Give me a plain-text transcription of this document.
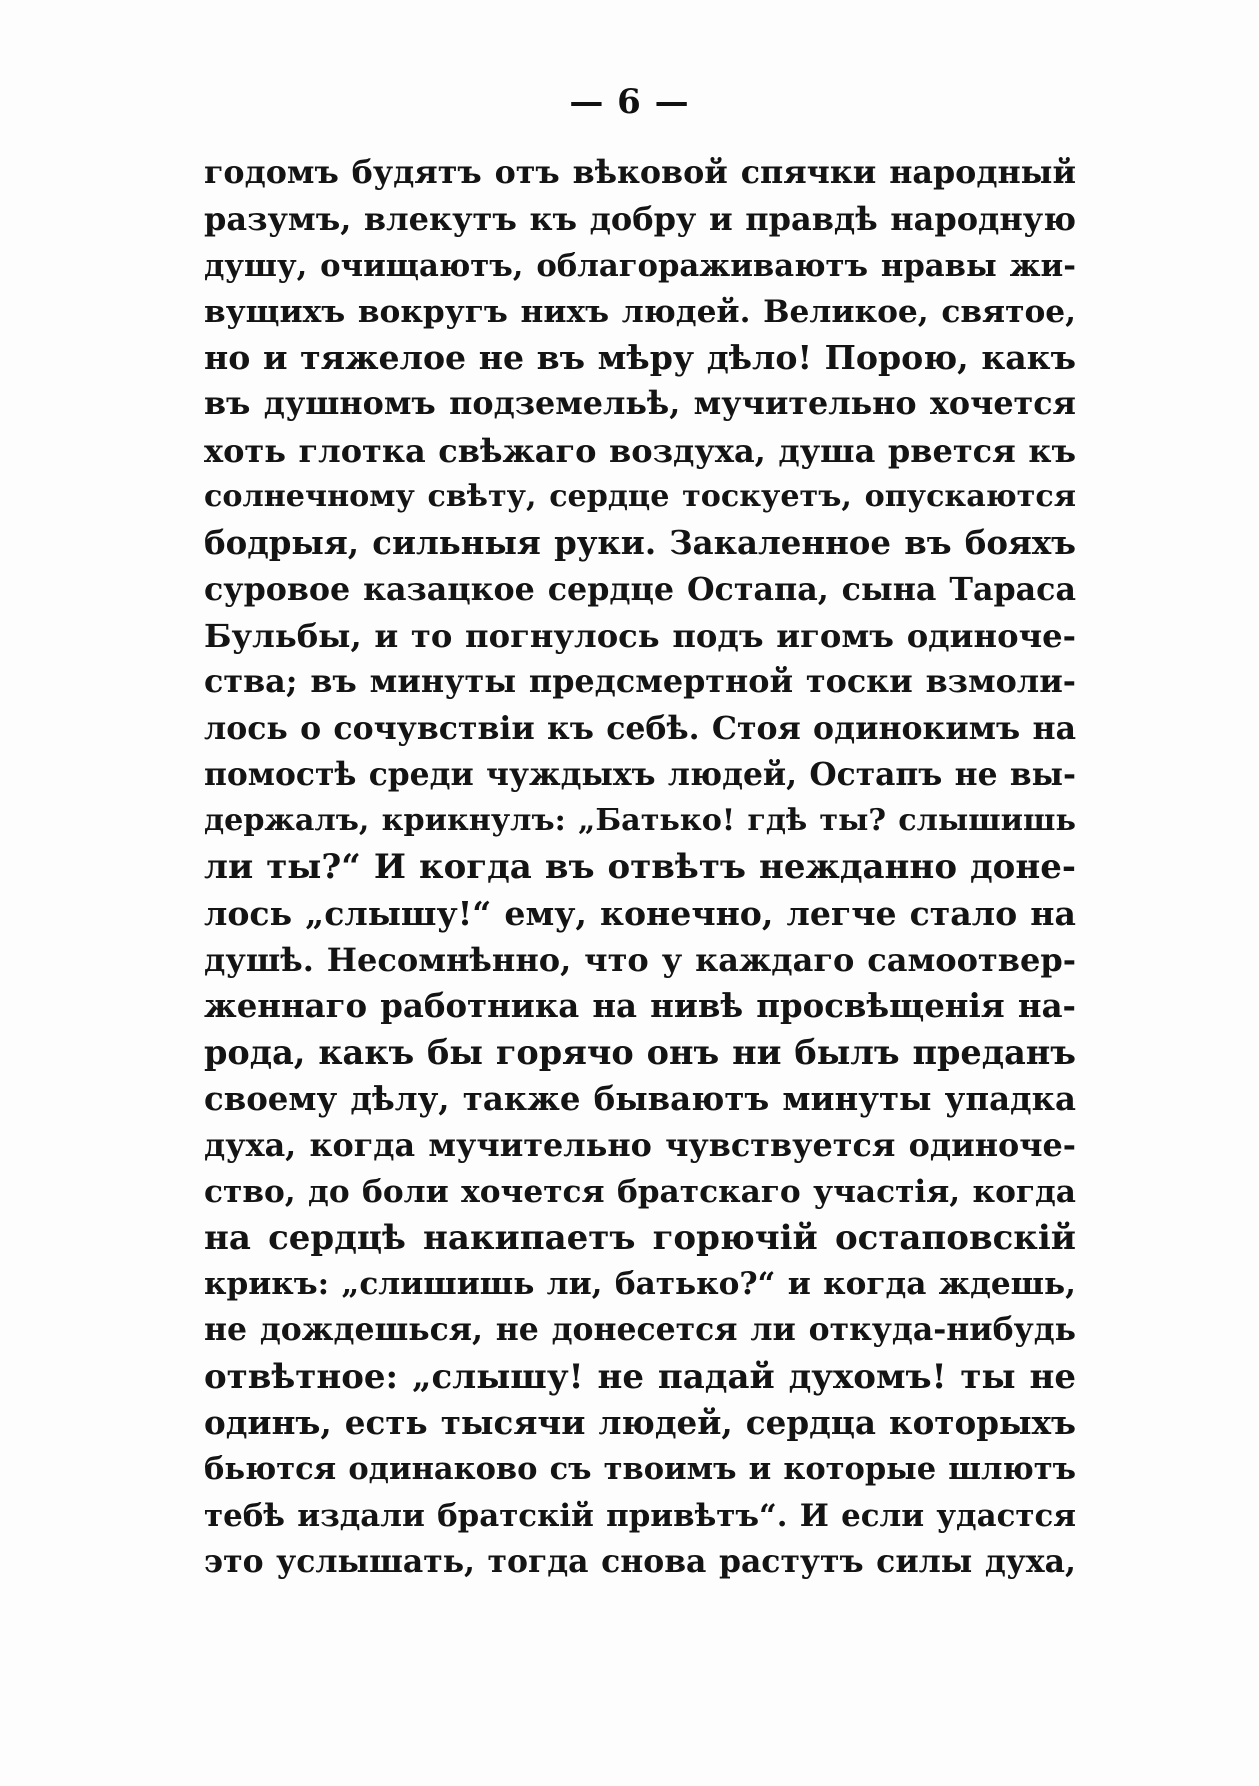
— 6 —
годомъ будятъ отъ вѣковой спячки народный
разумъ, влекутъ къ добру и правдѣ народную
душу, очищаютъ, облагораживаютъ нравы жи-
вущихъ вокругъ нихъ людей. Великое, святое,
но и тяжелое не въ мѣру дѣло! Порою, какъ
въ душномъ подземельѣ, мучительно хочется
хоть глотка свѣжаго воздуха, душа рвется къ
солнечному свѣту, сердце тоскуетъ, опускаются
бодрыя, сильныя руки. Закаленное въ бояхъ
суровое казацкое сердце Остапа, сына Тараса
Бульбы, и то погнулось подъ игомъ одиноче-
ства; въ минуты предсмертной тоски взмоли-
лось о сочувствіи къ себѣ. Стоя одинокимъ на
помостѣ среди чуждыхъ людей, Остапъ не вы-
держалъ, крикнулъ: „Батько! гдѣ ты? слышишь
ли ты?“ И когда въ отвѣтъ нежданно доне-
лось „слышу!“ ему, конечно, легче стало на
душѣ. Несомнѣнно, что у каждаго самоотвер-
женнаго работника на нивѣ просвѣщенія на-
рода, какъ бы горячо онъ ни былъ преданъ
своему дѣлу, также бываютъ минуты упадка
духа, когда мучительно чувствуется одиноче-
ство, до боли хочется братскаго участія, когда
на сердцѣ накипаетъ горючій остаповскій
крикъ: „слишишь ли, батько?“ и когда ждешь,
не дождешься, не донесется ли откуда-нибудь
отвѣтное: „слышу! не падай духомъ! ты не
одинъ, есть тысячи людей, сердца которыхъ
бьются одинаково съ твоимъ и которые шлютъ
тебѣ издали братскій привѣтъ“. И если удастся
это услышать, тогда снова растутъ силы духа,
